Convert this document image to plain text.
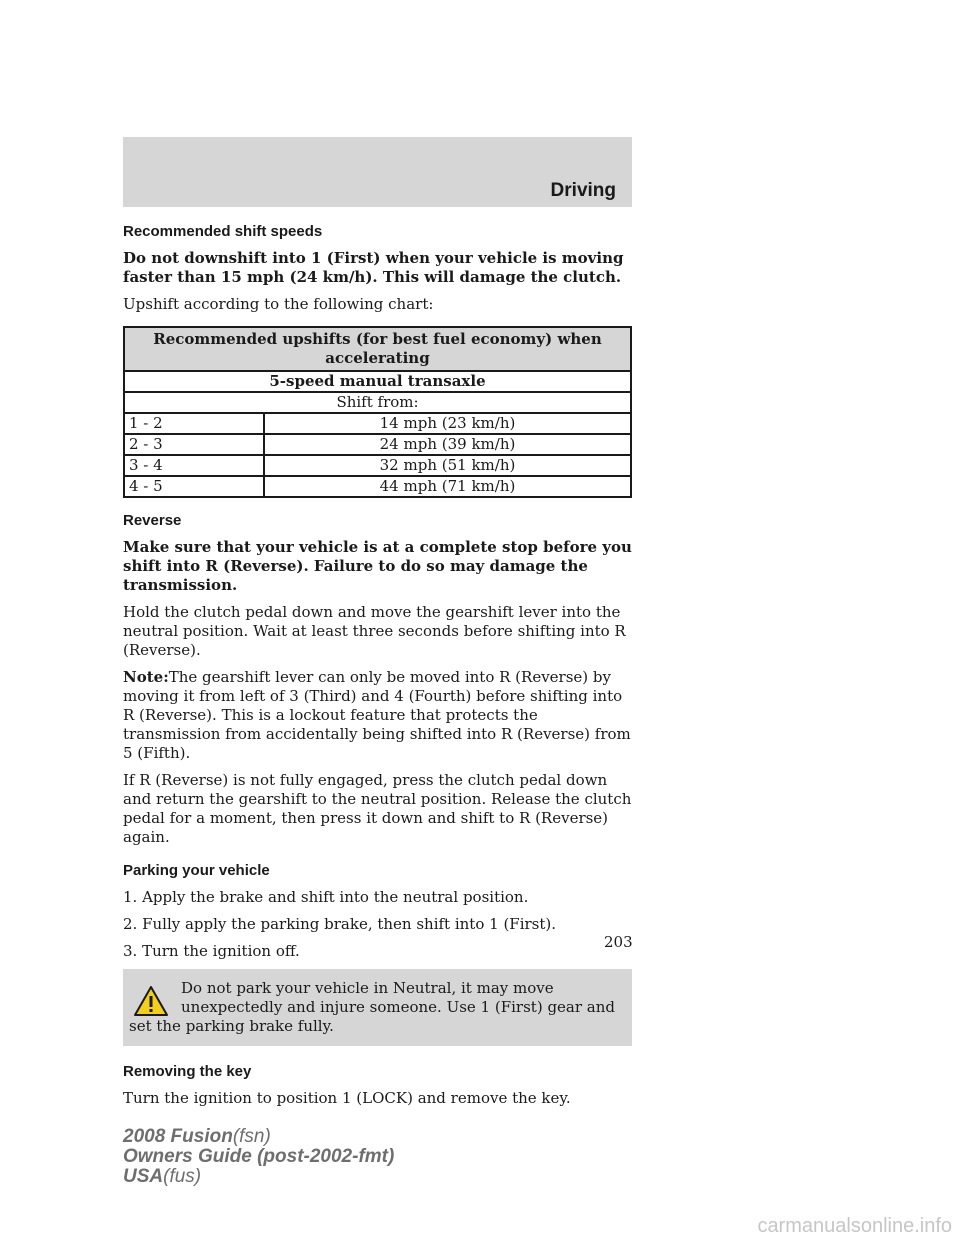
Driving
Recommended shift speeds

Do not downshift into 1 (First) when your vehicle is moving faster than 15 mph (24 km/h). This will damage the clutch.

Upshift according to the following chart:

Recommended upshifts (for best fuel economy) when accelerating	
5-speed manual transaxle	
Shift from:	
1 - 2	14 mph (23 km/h)
2 - 3	24 mph (39 km/h)
3 - 4	32 mph (51 km/h)
4 - 5	44 mph (71 km/h)
Reverse

Make sure that your vehicle is at a complete stop before you shift into R (Reverse). Failure to do so may damage the transmission.

Hold the clutch pedal down and move the gearshift lever into the neutral position. Wait at least three seconds before shifting into R (Reverse).

Note:The gearshift lever can only be moved into R (Reverse) by moving it from left of 3 (Third) and 4 (Fourth) before shifting into R (Reverse). This is a lockout feature that protects the transmission from accidentally being shifted into R (Reverse) from 5 (Fifth).

If R (Reverse) is not fully engaged, press the clutch pedal down and return the gearshift to the neutral position. Release the clutch pedal for a moment, then press it down and shift to R (Reverse) again.

Parking your vehicle

1. Apply the brake and shift into the neutral position.

2. Fully apply the parking brake, then shift into 1 (First).

3. Turn the ignition off.

Do not park your vehicle in Neutral, it may move unexpectedly and injure someone. Use 1 (First) gear and set the parking brake fully.
Removing the key

Turn the ignition to position 1 (LOCK) and remove the key.

203
2008 Fusion(fsn)
Owners Guide (post-2002-fmt)
USA(fus)
carmanualsonline.info
